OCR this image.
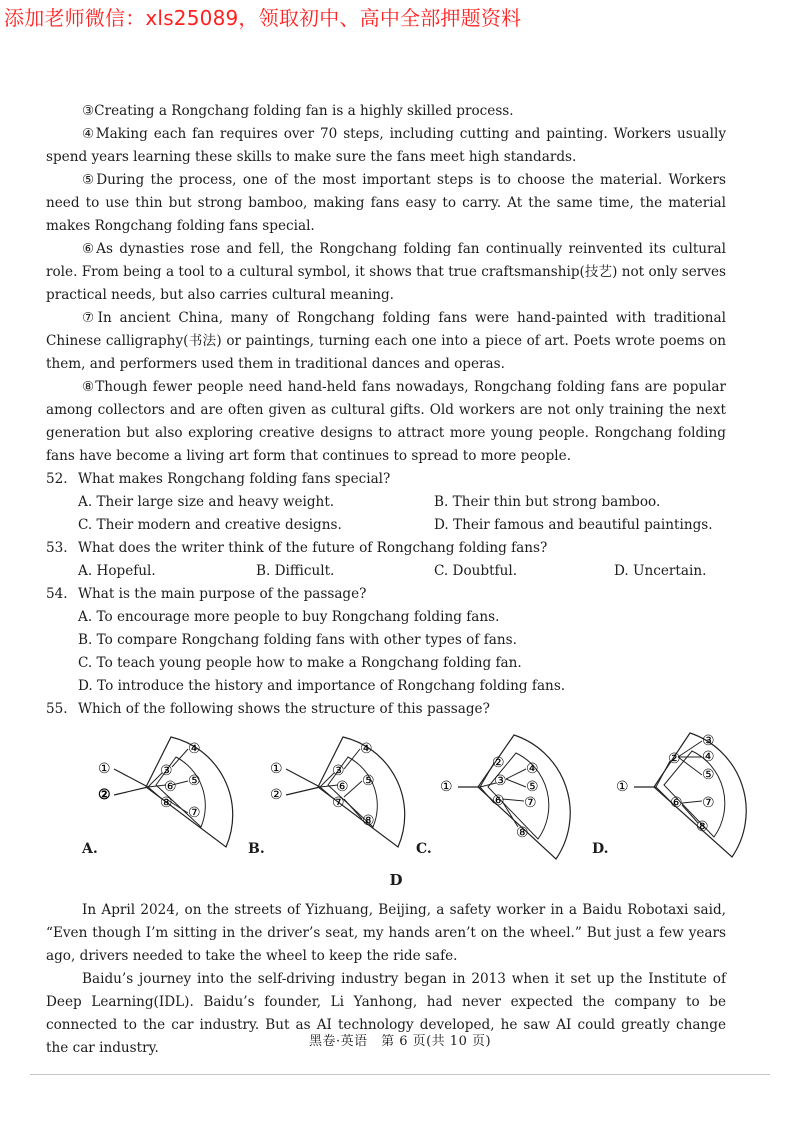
添加老师微信：xls25089，领取初中、高中全部押题资料

③Creating a Rongchang folding fan is a highly skilled process.

④Making each fan requires over 70 steps, including cutting and painting. Workers usually spend years learning these skills to make sure the fans meet high standards.

⑤During the process, one of the most important steps is to choose the material. Workers need to use thin but strong bamboo, making fans easy to carry. At the same time, the material makes Rongchang folding fans special.

⑥As dynasties rose and fell, the Rongchang folding fan continually reinvented its cultural role. From being a tool to a cultural symbol, it shows that true craftsmanship(技艺) not only serves practical needs, but also carries cultural meaning.

⑦In ancient China, many of Rongchang folding fans were hand-painted with traditional Chinese calligraphy(书法) or paintings, turning each one into a piece of art. Poets wrote poems on them, and performers used them in traditional dances and operas.

⑧Though fewer people need hand-held fans nowadays, Rongchang folding fans are popular among collectors and are often given as cultural gifts. Old workers are not only training the next generation but also exploring creative designs to attract more young people. Rongchang folding fans have become a living art form that continues to spread to more people.

52. What makes Rongchang folding fans special?

A. Their large size and heavy weight.	B. Their thin but strong bamboo.
C. Their modern and creative designs.	D. Their famous and beautiful paintings.

53. What does the writer think of the future of Rongchang folding fans?

A. Hopeful.	B. Difficult.	C. Doubtful.	D. Uncertain.

54. What is the main purpose of the passage?

A. To encourage more people to buy Rongchang folding fans.
B. To compare Rongchang folding fans with other types of fans.
C. To teach young people how to make a Rongchang folding fan.
D. To introduce the history and importance of Rongchang folding fans.

55. Which of the following shows the structure of this passage?

①
②
③
④
⑥ ⑤
⑧
⑦
A.
①
②
③
④
⑥
⑦
⑤
⑧
B.
①
②
③
⑥
④
⑤
⑦
⑧
C.
①
②
③
④
⑤
⑥ ⑦
⑧
D.
D

In April 2024, on the streets of Yizhuang, Beijing, a safety worker in a Baidu Robotaxi said, “Even though I’m sitting in the driver’s seat, my hands aren’t on the wheel.” But just a few years ago, drivers needed to take the wheel to keep the ride safe.

Baidu’s journey into the self-driving industry began in 2013 when it set up the Institute of Deep Learning(IDL). Baidu’s founder, Li Yanhong, had never expected the company to be connected to the car industry. But as AI technology developed, he saw AI could greatly change the car industry.	黑卷·英语　第 6 页(共 10 页)
